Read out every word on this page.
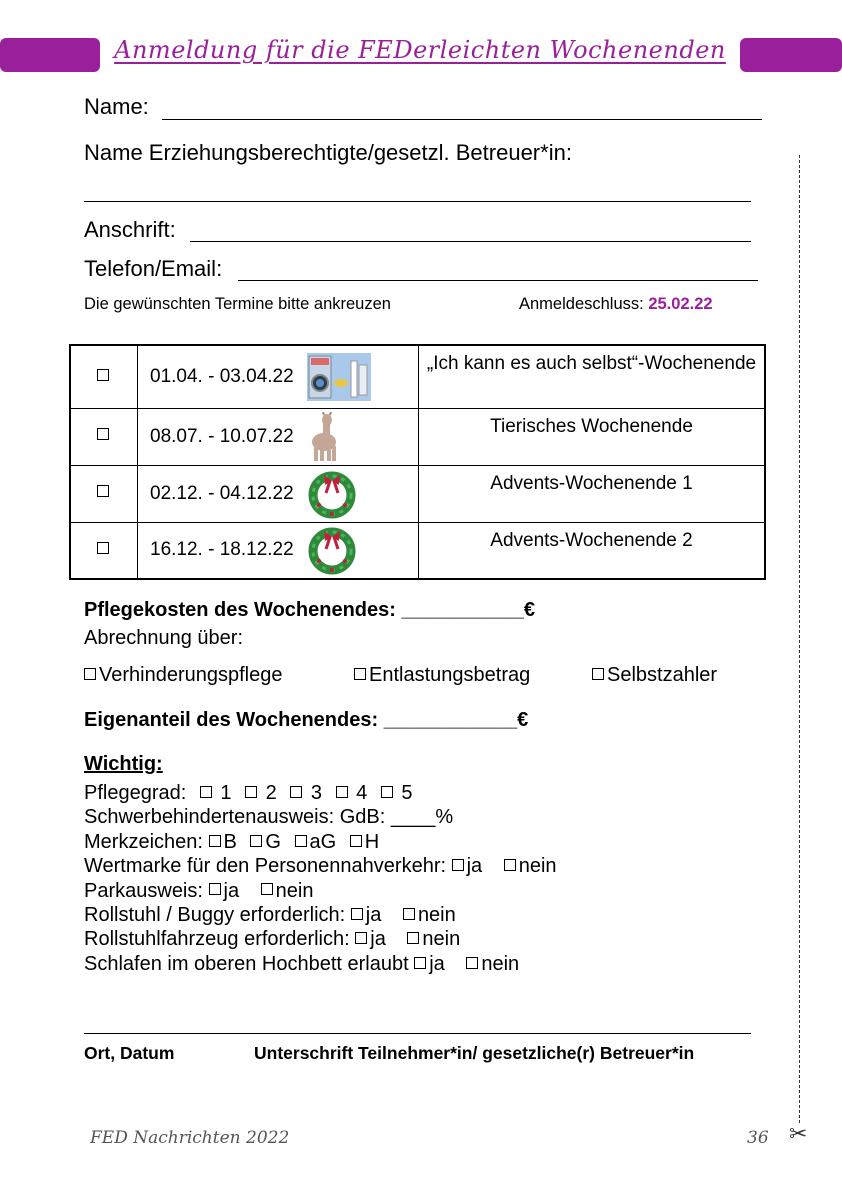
Anmeldung für die FEDerleichten Wochenenden
Name:
Name Erziehungsberechtigte/gesetzl. Betreuer*in:
Anschrift:
Telefon/Email:
Die gewünschten Termine bitte ankreuzen	Anmeldeschluss: 25.02.22
	01.04. - 03.04.22	„Ich kann es auch selbst“-Wochenende
	08.07. - 10.07.22	Tierisches Wochenende
	02.12. - 04.12.22	Advents-Wochenende 1
	16.12. - 18.12.22	Advents-Wochenende 2
Pflegekosten des Wochenendes: ___________€
Abrechnung über:
Verhinderungspflege	Entlastungsbetrag	Selbstzahler
Eigenanteil des Wochenendes: ____________€
Wichtig:
Pflegegrad: 1 2 3 4 5
Schwerbehindertenausweis: GdB: ____%
Merkzeichen: B G aG H
Wertmarke für den Personennahverkehr: ja nein
Parkausweis: ja nein
Rollstuhl / Buggy erforderlich: ja nein
Rollstuhlfahrzeug erforderlich: ja nein
Schlafen im oberen Hochbett erlaubt ja nein
Ort, Datum	Unterschrift Teilnehmer*in/ gesetzliche(r) Betreuer*in
✂
FED Nachrichten 2022	36
